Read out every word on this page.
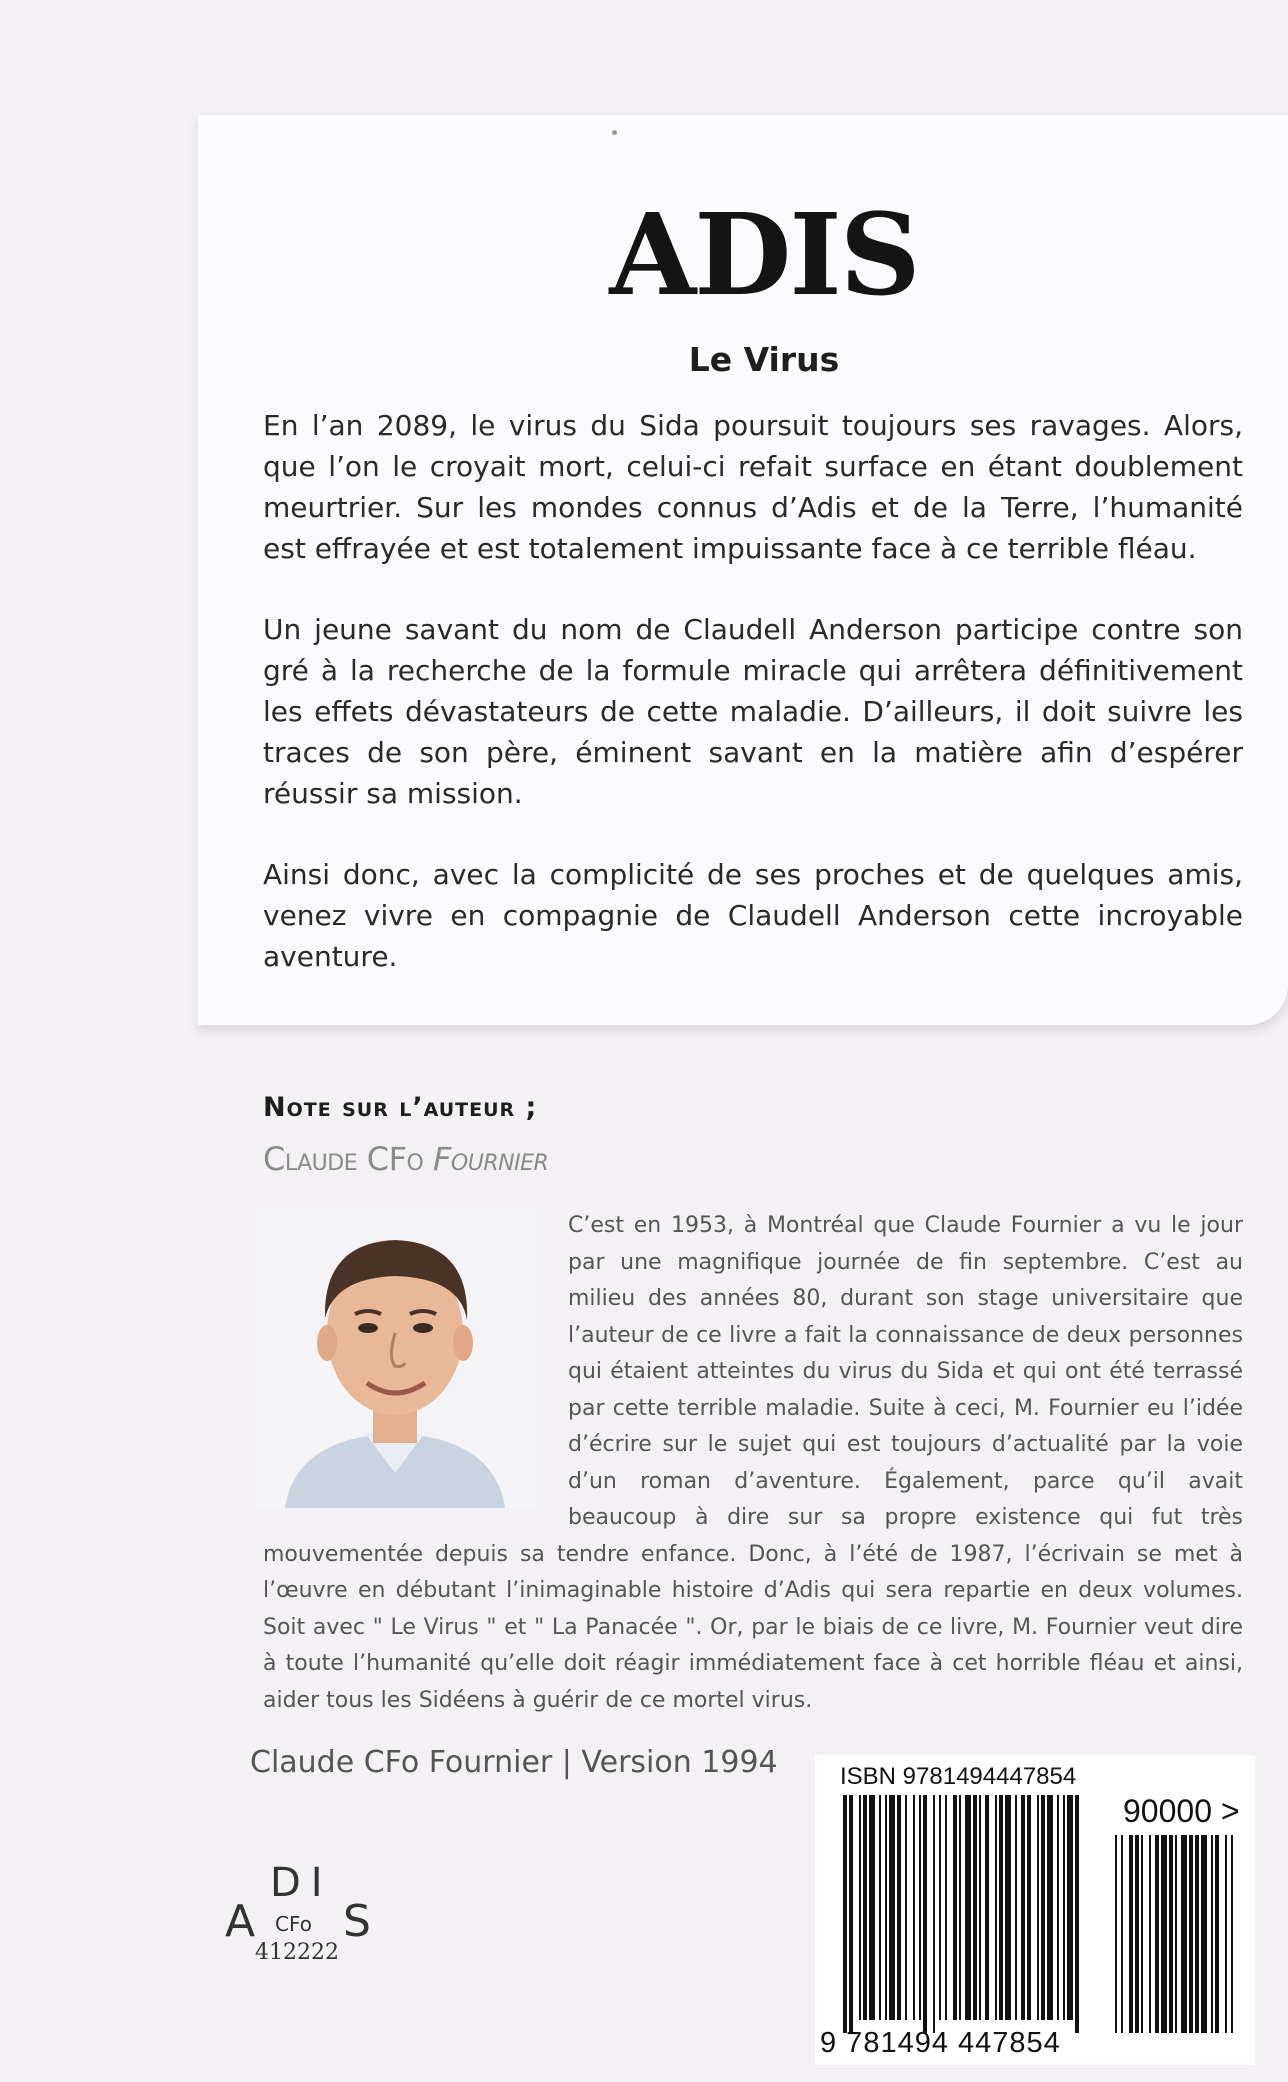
ADIS
Le Virus

En l’an 2089, le virus du Sida poursuit toujours ses ravages. Alors, que l’on le croyait mort, celui-ci refait surface en étant doublement meurtrier. Sur les mondes connus d’Adis et de la Terre, l’humanité est effrayée et est totalement impuissante face à ce terrible fléau.

Un jeune savant du nom de Claudell Anderson participe contre son gré à la recherche de la formule miracle qui arrêtera définitivement les effets dévastateurs de cette maladie. D’ailleurs, il doit suivre les traces de son père, éminent savant en la matière afin d’espérer réussir sa mission.

Ainsi donc, avec la complicité de ses proches et de quelques amis, venez vivre en compagnie de Claudell Anderson cette incroyable aventure.

Note sur l’auteur ;
Claude CFo Fournier

C’est en 1953, à Montréal que Claude Fournier a vu le jour par une magnifique journée de fin septembre. C’est au milieu des années 80, durant son stage universitaire que l’auteur de ce livre a fait la connaissance de deux personnes qui étaient atteintes du virus du Sida et qui ont été terrassé par cette terrible maladie. Suite à ceci, M. Fournier eu l’idée d’écrire sur le sujet qui est toujours d’actualité par la voie d’un roman d’aventure. Également, parce qu’il avait beaucoup à dire sur sa propre existence qui fut très mouvementée depuis sa tendre enfance. Donc, à l’été de 1987, l’écrivain se met à l’œuvre en débutant l’inimaginable histoire d’Adis qui sera repartie en deux volumes. Soit avec " Le Virus " et " La Panacée ". Or, par le biais de ce livre, M. Fournier veut dire à toute l’humanité qu’elle doit réagir immédiatement face à cet horrible fléau et ainsi, aider tous les Sidéens à guérir de ce mortel virus.

Claude CFo Fournier | Version 1994
DI
A CFo S
412222
ISBN 9781494447854
90000 >
9 781494 447854
